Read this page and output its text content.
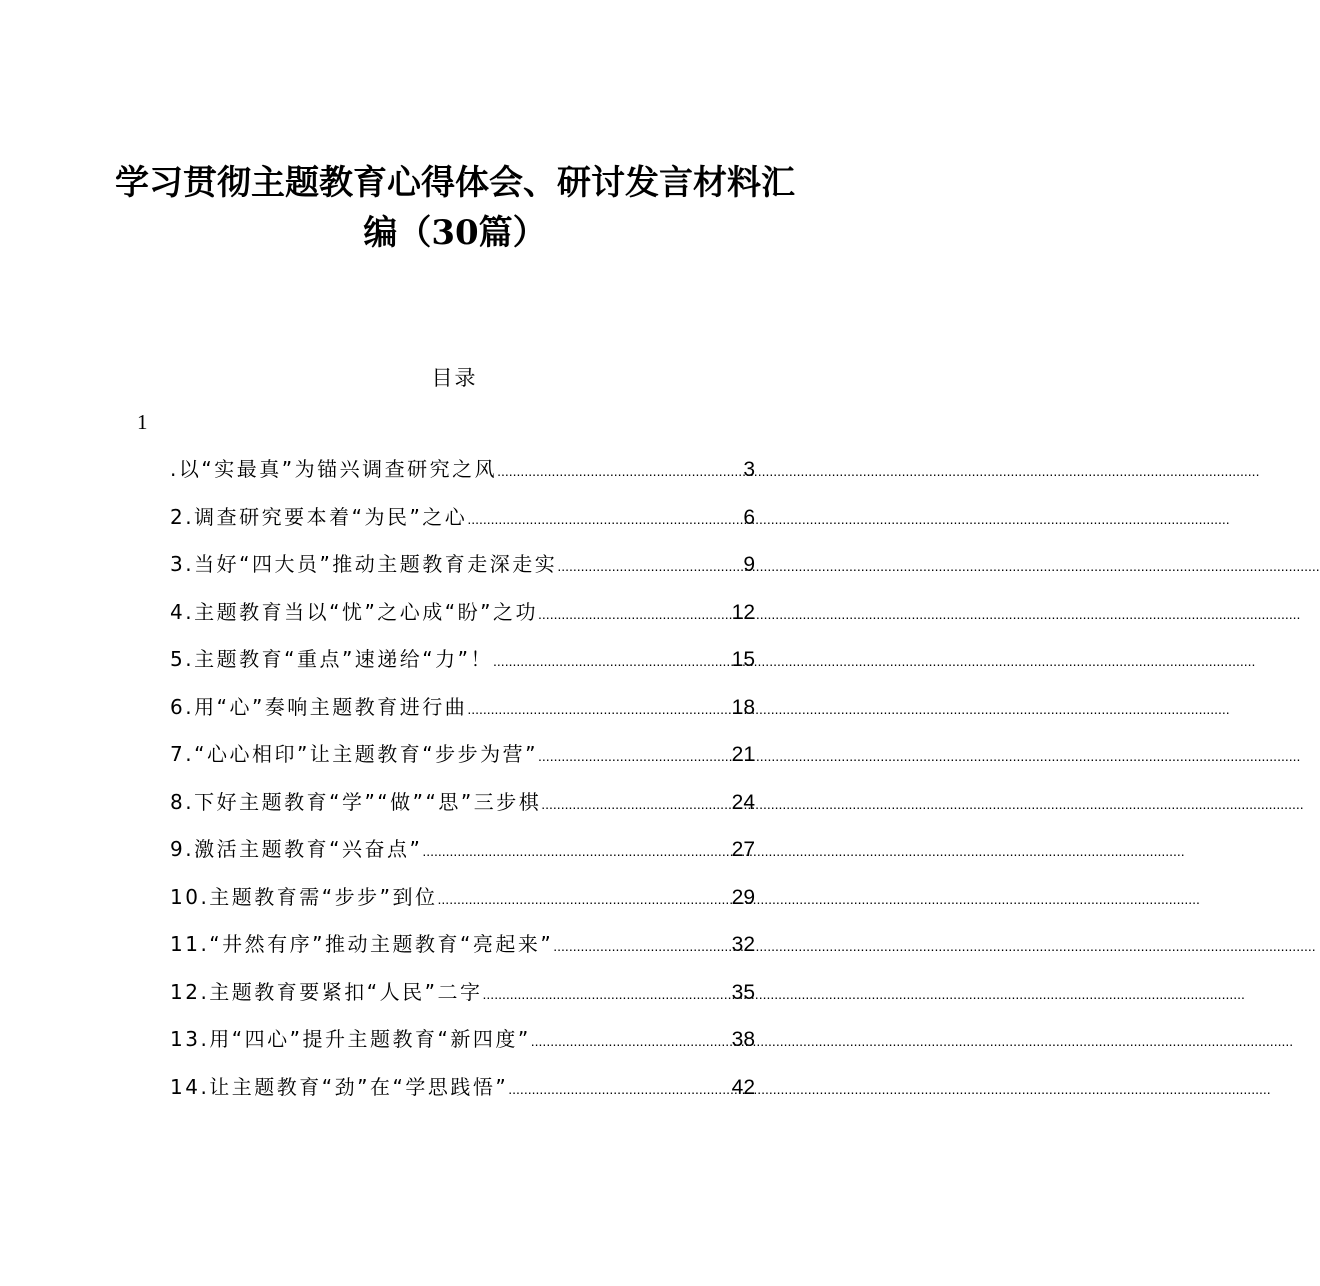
学习贯彻主题教育心得体会、研讨发言材料汇
编（30篇）
目录
1
.以“实最真”为锚兴调查研究之风 .....	3
2.调查研究要本着“为民”之心 .....	6
3.当好“四大员”推动主题教育走深走实 .....	9
4.主题教育当以“忧”之心成“盼”之功 .....	12
5.主题教育“重点”速递给“力”！ .....	15
6.用“心”奏响主题教育进行曲 .....	18
7.“心心相印”让主题教育“步步为营” .....	21
8.下好主题教育“学”“做”“思”三步棋 .....	24
9.激活主题教育“兴奋点” .....	27
10.主题教育需“步步”到位 .....	29
11.“井然有序”推动主题教育“亮起来” .....	32
12.主题教育要紧扣“人民”二字 .....	35
13.用“四心”提升主题教育“新四度” .....	38
14.让主题教育“劲”在“学思践悟” .....	42
